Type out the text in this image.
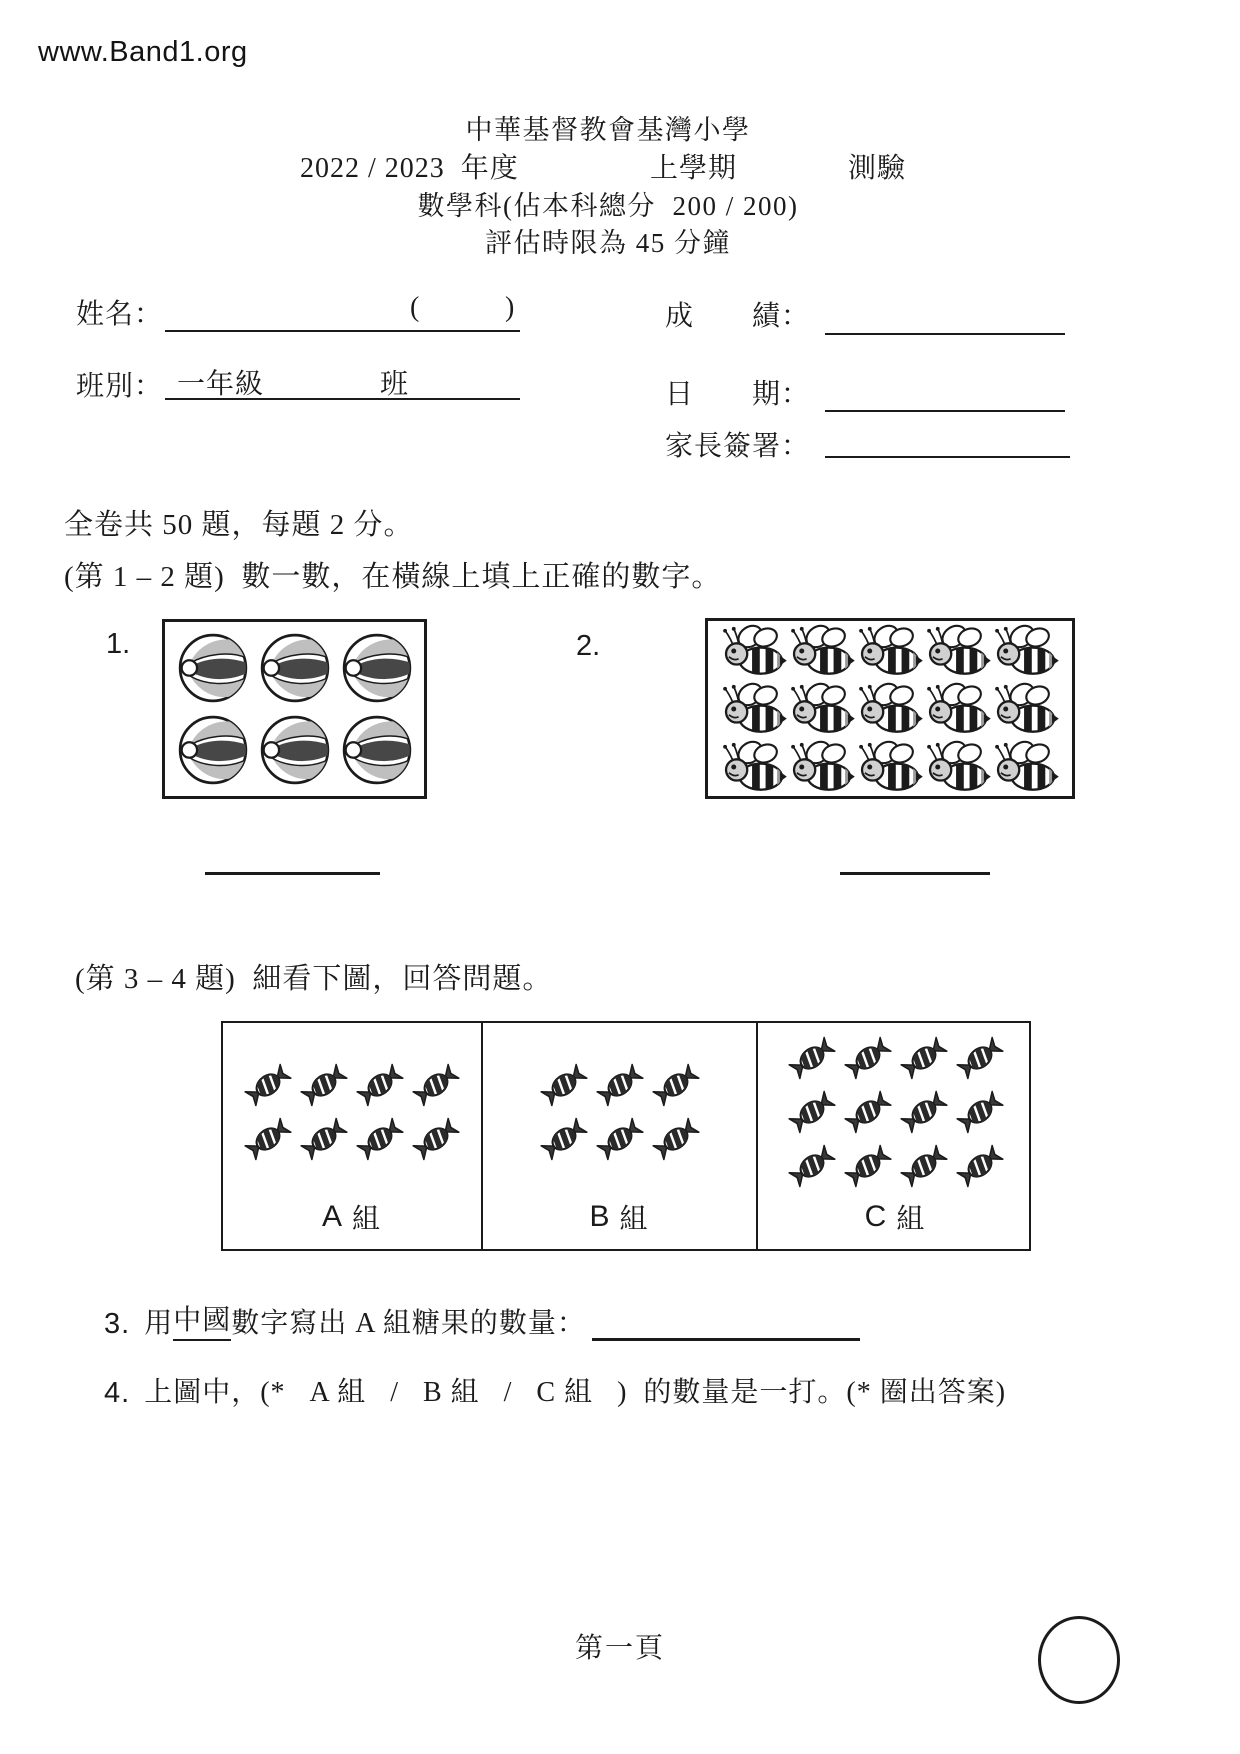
www.Band1.org
中華基督教會基灣小學
2022 / 2023  年度	上學期	測驗
數學科(佔本科總分  200 / 200)
評估時限為 45 分鐘
姓名：	(	)
班別： 一年級	班
成　　績：
日　　期：
家長簽署：
全卷共 50 題，每題 2 分。
(第 1 – 2 題)  數一數，在橫線上填上正確的數字。
1.	2.
(第 3 – 4 題)  細看下圖，回答問題。
A 組	B 組	C 組
3. 用 中國 數字寫出 A 組糖果的數量：
4. 上圖中，(*   A 組   /   B 組   /   C 組   )  的數量是一打。(* 圈出答案)
第一頁
